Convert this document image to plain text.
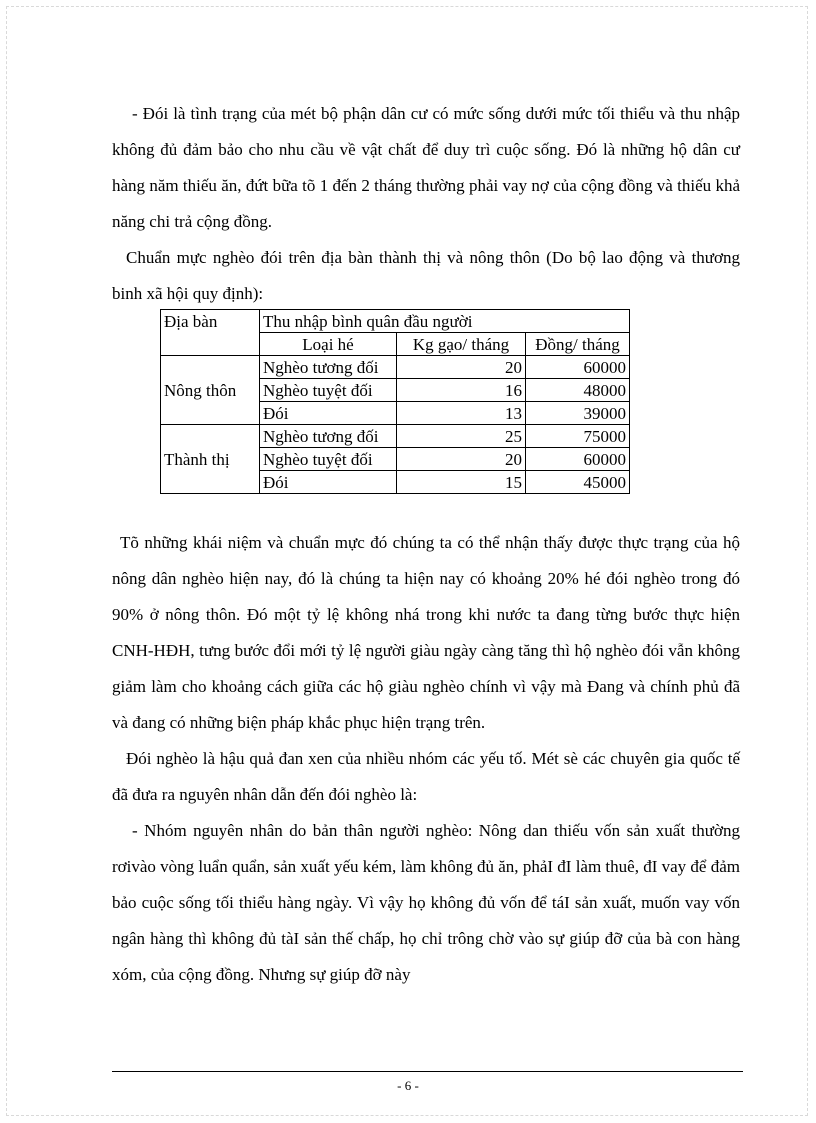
- Đói là tình trạng của mét bộ phận dân cư có mức sống dưới mức tối thiểu và thu nhập không đủ đảm bảo cho nhu cầu về vật chất để duy trì cuộc sống. Đó là những hộ dân cư hàng năm thiếu ăn, đứt bữa tõ 1 đến 2 tháng thường phải vay nợ của cộng đồng và thiếu khả năng chi trả cộng đồng.

Chuẩn mực nghèo đói trên địa bàn thành thị và nông thôn (Do bộ lao động và thương binh xã hội quy định):

Tõ những khái niệm và chuẩn mực đó chúng ta có thể nhận thấy được thực trạng của hộ nông dân nghèo hiện nay, đó là chúng ta hiện nay có khoảng 20% hé đói nghèo trong đó 90% ở nông thôn. Đó một tỷ lệ không nhá trong khi nước ta đang từng bước thực hiện CNH-HĐH, tưng bước đổi mới tỷ lệ người giàu ngày càng tăng thì hộ nghèo đói vẫn không giảm làm cho khoảng cách giữa các hộ giàu nghèo chính vì vậy mà Đang và chính phủ đã và đang có những biện pháp khắc phục hiện trạng trên.

Đói nghèo là hậu quả đan xen của nhiều nhóm các yếu tố. Mét sè các chuyên gia quốc tế đã đưa ra nguyên nhân dẫn đến đói nghèo là:

- Nhóm nguyên nhân do bản thân người nghèo: Nông dan thiếu vốn sản xuất thường rơivào vòng luẩn quẩn, sản xuất yếu kém, làm không đủ ăn, phảI đI làm thuê, đI vay để đảm bảo cuộc sống tối thiểu hàng ngày. Vì vậy họ không đủ vốn để táI sản xuất, muốn vay vốn ngân hàng thì không đủ tàI sản thế chấp, họ chỉ trông chờ vào sự giúp đỡ của bà con hàng xóm, của cộng đồng. Nhưng sự giúp đỡ này

Địa bàn	Thu nhập bình quân đầu người		
	Loại hé	Kg gạo/ tháng	Đồng/ tháng
	Nghèo tương đối	20	60000
Nông thôn	Nghèo tuyệt đối	16	48000
	Đói	13	39000
	Nghèo tương đối	25	75000
Thành thị	Nghèo tuyệt đối	20	60000
	Đói	15	45000
- 6 -
